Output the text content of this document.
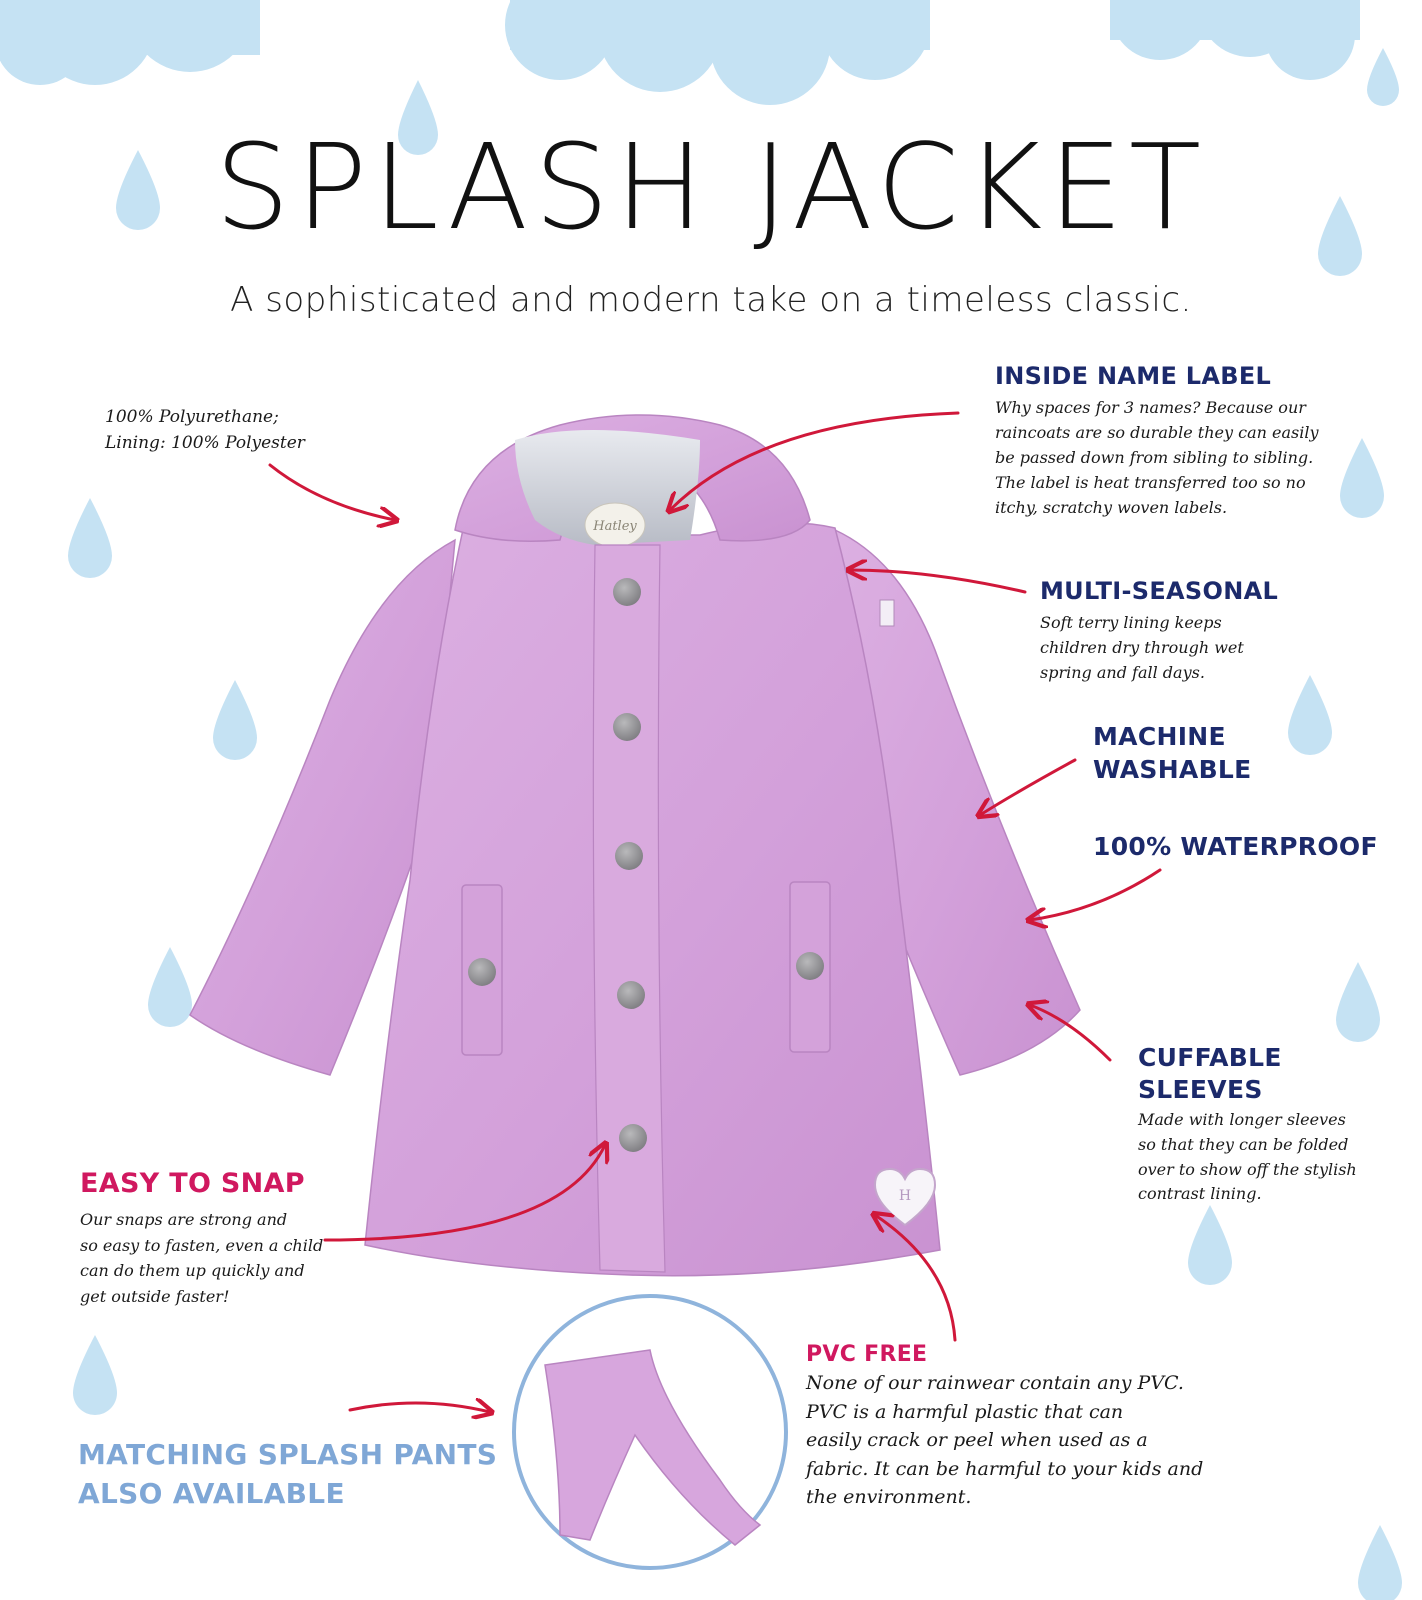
Hatley
H
SPLASH JACKET
A sophisticated and modern take on a timeless classic.
100% Polyurethane;
Lining: 100% Polyester
INSIDE NAME LABEL
Why spaces for 3 names? Because our
raincoats are so durable they can easily
be passed down from sibling to sibling.
The label is heat transferred too so no
itchy, scratchy woven labels.
MULTI-SEASONAL
Soft terry lining keeps
children dry through wet
spring and fall days.
MACHINE
WASHABLE
100% WATERPROOF
CUFFABLE
SLEEVES
Made with longer sleeves
so that they can be folded
over to show off the stylish
contrast lining.
EASY TO SNAP
Our snaps are strong and
so easy to fasten, even a child
can do them up quickly and
get outside faster!
PVC FREE
None of our rainwear contain any PVC.
PVC is a harmful plastic that can
easily crack or peel when used as a
fabric. It can be harmful to your kids and
the environment.
MATCHING SPLASH PANTS
ALSO AVAILABLE
